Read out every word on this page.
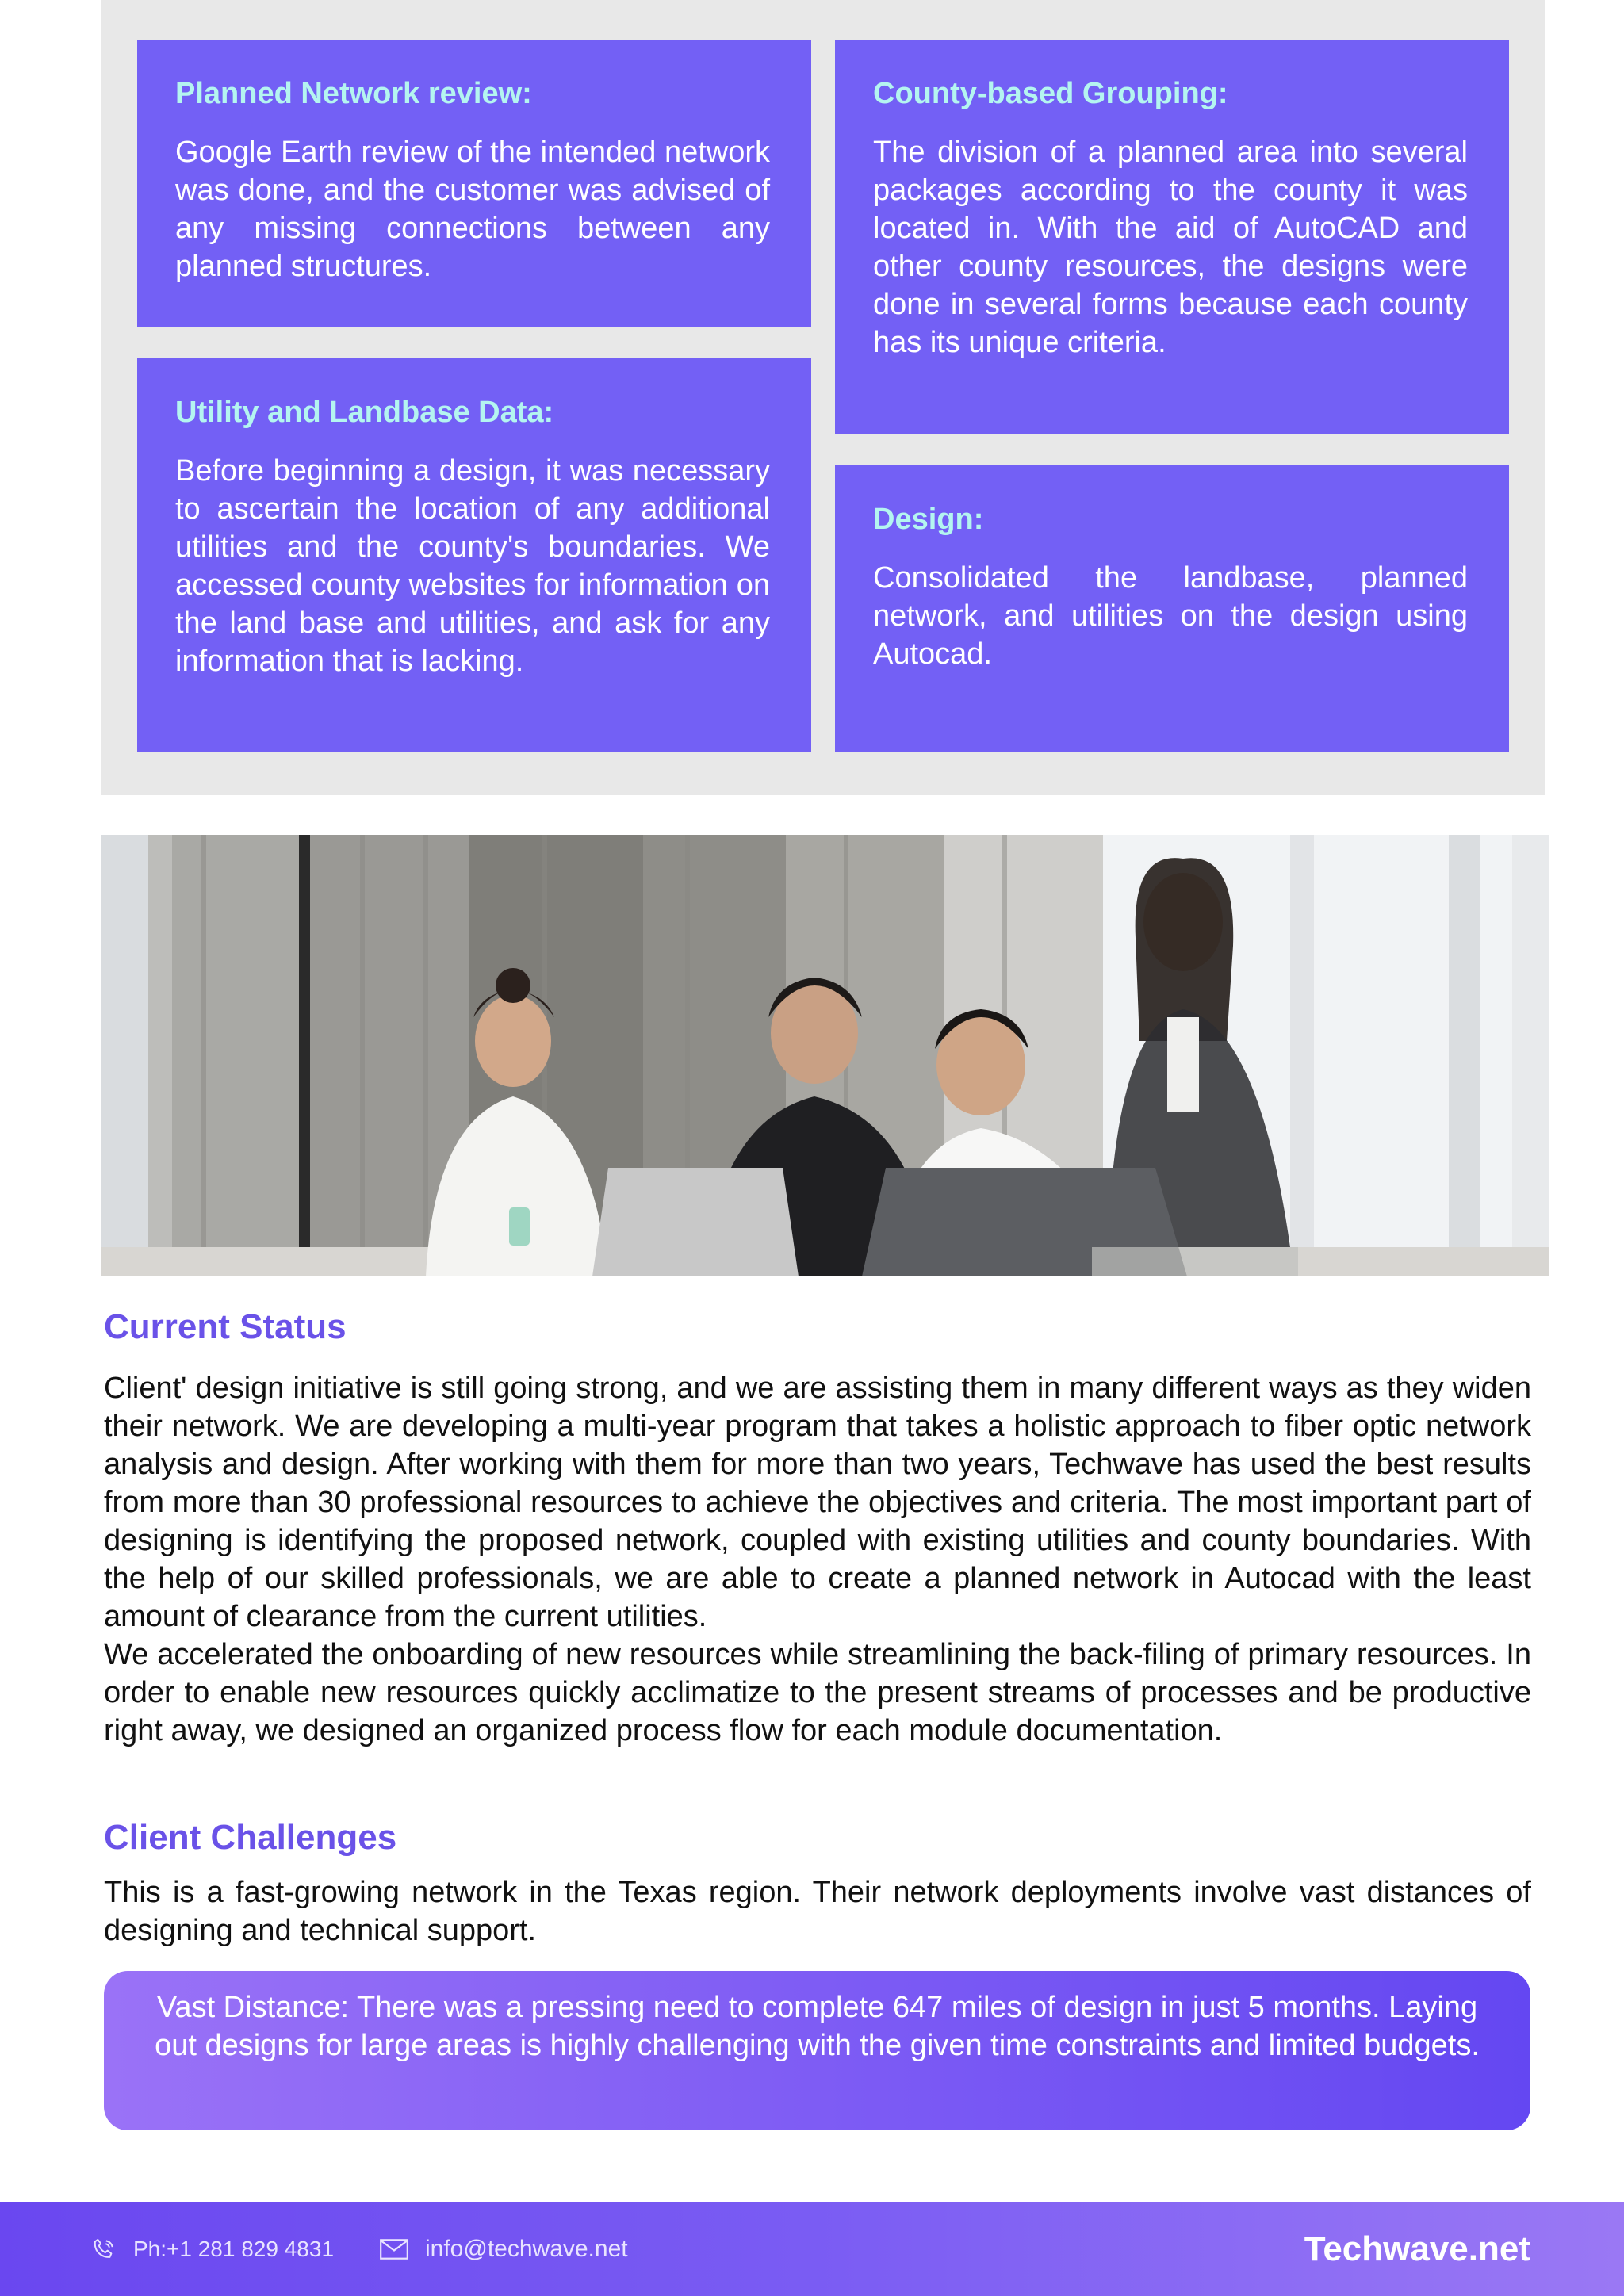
Planned Network review:

Google Earth review of the intended network was done, and the customer was advised of any missing connections between any planned structures.

Utility and Landbase Data:

Before beginning a design, it was necessary to ascertain the location of any additional utilities and the county's boundaries. We accessed county websites for information on the land base and utilities, and ask for any information that is lacking.

County-based Grouping:

The division of a planned area into several packages according to the county it was located in. With the aid of AutoCAD and other county resources, the designs were done in several forms because each county has its unique criteria.

Design:

Consolidated the landbase, planned network, and utilities on the design using Autocad.

Current Status

Client' design initiative is still going strong, and we are assisting them in many different ways as they widen their network. We are developing a multi-year program that takes a holistic approach to fiber optic network analysis and design. After working with them for more than two years, Techwave has used the best results from more than 30 professional resources to achieve the objectives and criteria. The most important part of designing is identifying the proposed network, coupled with existing utilities and county boundaries. With the help of our skilled professionals, we are able to create a planned network in Autocad with the least amount of clearance from the current utilities.

We accelerated the onboarding of new resources while streamlining the back-filing of primary resources. In order to enable new resources quickly acclimatize to the present streams of processes and be productive right away, we designed an organized process flow for each module documentation.

Client Challenges

This is a fast-growing network in the Texas region. Their network deployments involve vast distances of designing and technical support.

Vast Distance: There was a pressing need to complete 647 miles of design in just 5 months. Laying out designs for large areas is highly challenging with the given time constraints and limited budgets.
Ph:+1 281 829 4831	info@techwave.net	Techwave.net
